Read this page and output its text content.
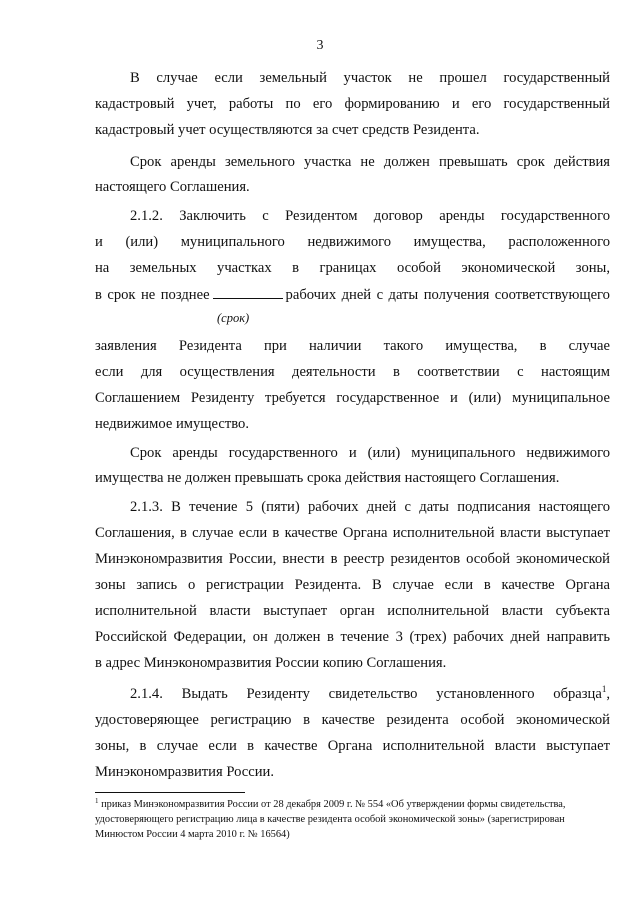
3
В случае если земельный участок не прошел государственный
кадастровый учет, работы по его формированию и его государственный
кадастровый учет осуществляются за счет средств Резидента.
Срок аренды земельного участка не должен превышать срок действия
настоящего Соглашения.
2.1.2. Заключить с Резидентом договор аренды государственного
и (или) муниципального недвижимого имущества, расположенного
на земельных участках в границах особой экономической зоны,
в срок не позднее	рабочих дней с даты получения соответствующего
(срок)
заявления Резидента при наличии такого имущества, в случае
если для осуществления деятельности в соответствии с настоящим
Соглашением Резиденту требуется государственное и (или) муниципальное
недвижимое имущество.
Срок аренды государственного и (или) муниципального недвижимого
имущества не должен превышать срока действия настоящего Соглашения.
2.1.3. В течение 5 (пяти) рабочих дней с даты подписания настоящего
Соглашения, в случае если в качестве Органа исполнительной власти выступает
Минэкономразвития России, внести в реестр резидентов особой экономической
зоны запись о регистрации Резидента. В случае если в качестве Органа
исполнительной власти выступает орган исполнительной власти субъекта
Российской Федерации, он должен в течение 3 (трех) рабочих дней направить
в адрес Минэкономразвития России копию Соглашения.
2.1.4. Выдать Резиденту свидетельство установленного образца$^1$,
удостоверяющее регистрацию в качестве резидента особой экономической
зоны, в случае если в качестве Органа исполнительной власти выступает
Минэкономразвития России.
$^1$ приказ Минэкономразвития России от 28 декабря 2009 г. № 554 «Об утверждении формы свидетельства,
удостоверяющего регистрацию лица в качестве резидента особой экономической зоны» (зарегистрирован
Минюстом России 4 марта 2010 г. № 16564)
